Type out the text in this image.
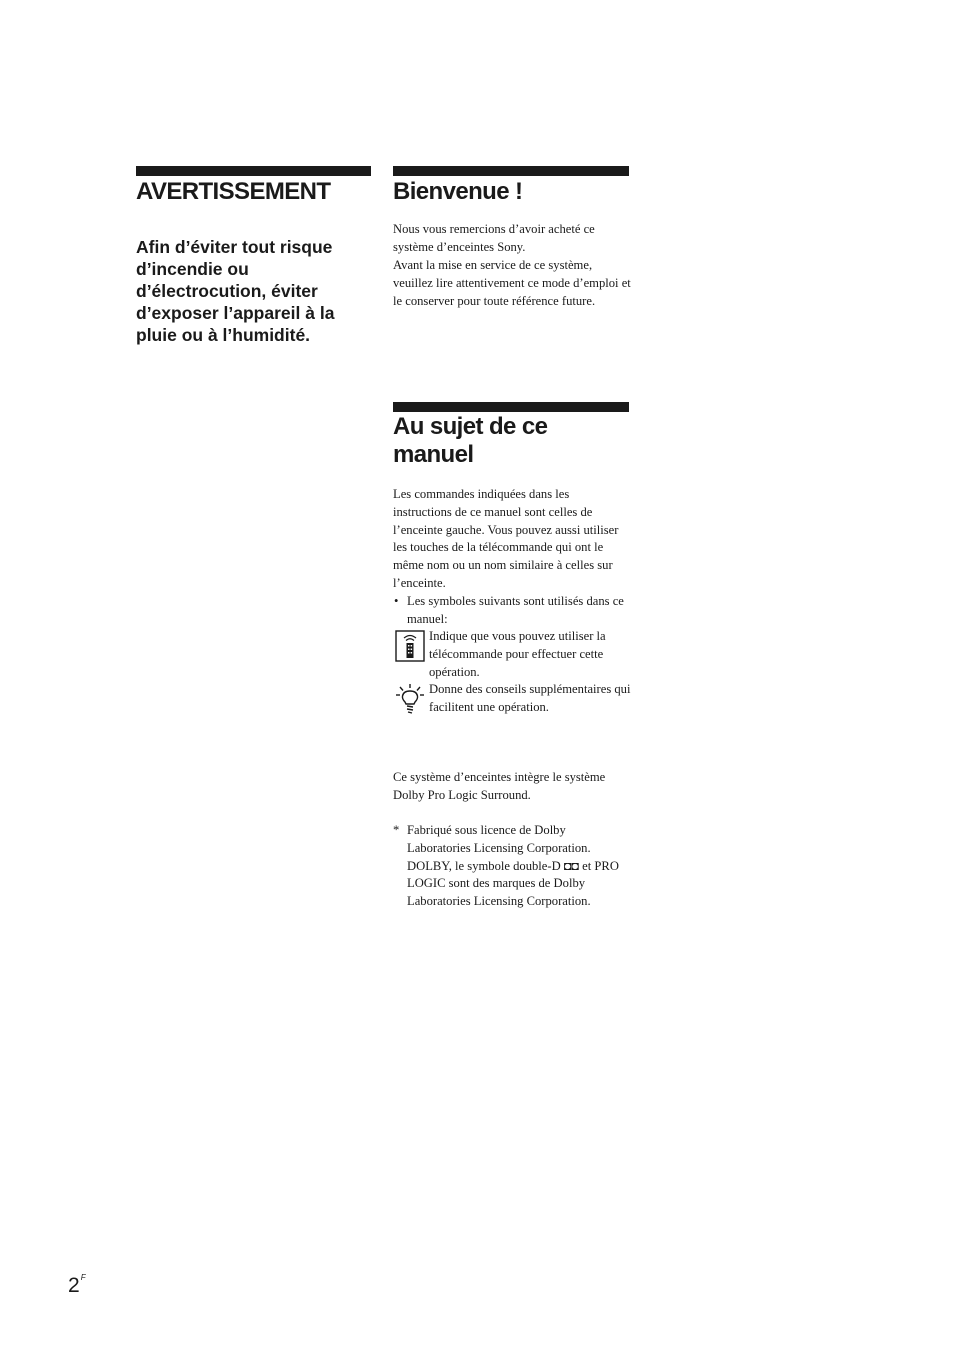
AVERTISSEMENT

Afin d’éviter tout risque d’incendie ou d’électrocution, éviter d’exposer l’appareil à la pluie ou à l’humidité.

Bienvenue !

Nous vous remercions d’avoir acheté ce système d’enceintes Sony.

Avant la mise en service de ce système, veuillez lire attentivement ce mode d’emploi et le conserver pour toute référence future.

Au sujet de ce
manuel

Les commandes indiquées dans les instructions de ce manuel sont celles de l’enceinte gauche. Vous pouvez aussi utiliser les touches de la télécommande qui ont le même nom ou un nom similaire à celles sur l’enceinte.

• Les symboles suivants sont utilisés dans ce manuel:
Indique que vous pouvez utiliser la télécommande pour effectuer cette opération.
Donne des conseils supplémentaires qui facilitent une opération.

Ce système d’enceintes intègre le système Dolby Pro Logic Surround.

* Fabriqué sous licence de Dolby Laboratories Licensing Corporation. DOLBY, le symbole double-D ◘◘ et PRO LOGIC sont des marques de Dolby Laboratories Licensing Corporation.
$2^F$
